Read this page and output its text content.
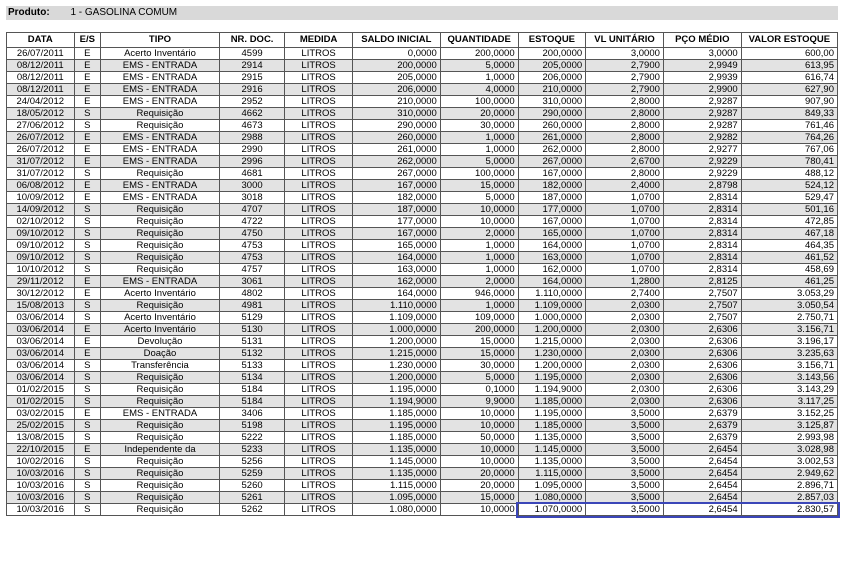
Produto: 1 - GASOLINA COMUM
DATA	E/S	TIPO	NR. DOC.	MEDIDA	SALDO INICIAL	QUANTIDADE	ESTOQUE	VL UNITÁRIO	PÇO MÉDIO	VALOR ESTOQUE
26/07/2011	E	Acerto Inventário	4599	LITROS	0,0000	200,0000	200,0000	3,0000	3,0000	600,00
08/12/2011	E	EMS - ENTRADA	2914	LITROS	200,0000	5,0000	205,0000	2,7900	2,9949	613,95
08/12/2011	E	EMS - ENTRADA	2915	LITROS	205,0000	1,0000	206,0000	2,7900	2,9939	616,74
08/12/2011	E	EMS - ENTRADA	2916	LITROS	206,0000	4,0000	210,0000	2,7900	2,9900	627,90
24/04/2012	E	EMS - ENTRADA	2952	LITROS	210,0000	100,0000	310,0000	2,8000	2,9287	907,90
18/05/2012	S	Requisição	4662	LITROS	310,0000	20,0000	290,0000	2,8000	2,9287	849,33
27/06/2012	S	Requisição	4673	LITROS	290,0000	30,0000	260,0000	2,8000	2,9287	761,46
26/07/2012	E	EMS - ENTRADA	2988	LITROS	260,0000	1,0000	261,0000	2,8000	2,9282	764,26
26/07/2012	E	EMS - ENTRADA	2990	LITROS	261,0000	1,0000	262,0000	2,8000	2,9277	767,06
31/07/2012	E	EMS - ENTRADA	2996	LITROS	262,0000	5,0000	267,0000	2,6700	2,9229	780,41
31/07/2012	S	Requisição	4681	LITROS	267,0000	100,0000	167,0000	2,8000	2,9229	488,12
06/08/2012	E	EMS - ENTRADA	3000	LITROS	167,0000	15,0000	182,0000	2,4000	2,8798	524,12
10/09/2012	E	EMS - ENTRADA	3018	LITROS	182,0000	5,0000	187,0000	1,0700	2,8314	529,47
14/09/2012	S	Requisição	4707	LITROS	187,0000	10,0000	177,0000	1,0700	2,8314	501,16
02/10/2012	S	Requisição	4722	LITROS	177,0000	10,0000	167,0000	1,0700	2,8314	472,85
09/10/2012	S	Requisição	4750	LITROS	167,0000	2,0000	165,0000	1,0700	2,8314	467,18
09/10/2012	S	Requisição	4753	LITROS	165,0000	1,0000	164,0000	1,0700	2,8314	464,35
09/10/2012	S	Requisição	4753	LITROS	164,0000	1,0000	163,0000	1,0700	2,8314	461,52
10/10/2012	S	Requisição	4757	LITROS	163,0000	1,0000	162,0000	1,0700	2,8314	458,69
29/11/2012	E	EMS - ENTRADA	3061	LITROS	162,0000	2,0000	164,0000	1,2800	2,8125	461,25
30/12/2012	E	Acerto Inventário	4802	LITROS	164,0000	946,0000	1.110,0000	2,7400	2,7507	3.053,29
15/08/2013	S	Requisição	4981	LITROS	1.110,0000	1,0000	1.109,0000	2,0300	2,7507	3.050,54
03/06/2014	S	Acerto Inventário	5129	LITROS	1.109,0000	109,0000	1.000,0000	2,0300	2,7507	2.750,71
03/06/2014	E	Acerto Inventário	5130	LITROS	1.000,0000	200,0000	1.200,0000	2,0300	2,6306	3.156,71
03/06/2014	E	Devolução	5131	LITROS	1.200,0000	15,0000	1.215,0000	2,0300	2,6306	3.196,17
03/06/2014	E	Doação	5132	LITROS	1.215,0000	15,0000	1.230,0000	2,0300	2,6306	3.235,63
03/06/2014	S	Transferência	5133	LITROS	1.230,0000	30,0000	1.200,0000	2,0300	2,6306	3.156,71
03/06/2014	S	Requisição	5134	LITROS	1.200,0000	5,0000	1.195,0000	2,0300	2,6306	3.143,56
01/02/2015	S	Requisição	5184	LITROS	1.195,0000	0,1000	1.194,9000	2,0300	2,6306	3.143,29
01/02/2015	S	Requisição	5184	LITROS	1.194,9000	9,9000	1.185,0000	2,0300	2,6306	3.117,25
03/02/2015	E	EMS - ENTRADA	3406	LITROS	1.185,0000	10,0000	1.195,0000	3,5000	2,6379	3.152,25
25/02/2015	S	Requisição	5198	LITROS	1.195,0000	10,0000	1.185,0000	3,5000	2,6379	3.125,87
13/08/2015	S	Requisição	5222	LITROS	1.185,0000	50,0000	1.135,0000	3,5000	2,6379	2.993,98
22/10/2015	E	Independente da	5233	LITROS	1.135,0000	10,0000	1.145,0000	3,5000	2,6454	3.028,98
10/02/2016	S	Requisição	5256	LITROS	1.145,0000	10,0000	1.135,0000	3,5000	2,6454	3.002,53
10/03/2016	S	Requisição	5259	LITROS	1.135,0000	20,0000	1.115,0000	3,5000	2,6454	2.949,62
10/03/2016	S	Requisição	5260	LITROS	1.115,0000	20,0000	1.095,0000	3,5000	2,6454	2.896,71
10/03/2016	S	Requisição	5261	LITROS	1.095,0000	15,0000	1.080,0000	3,5000	2,6454	2.857,03
10/03/2016	S	Requisição	5262	LITROS	1.080,0000	10,0000	1.070,0000	3,5000	2,6454	2.830,57
